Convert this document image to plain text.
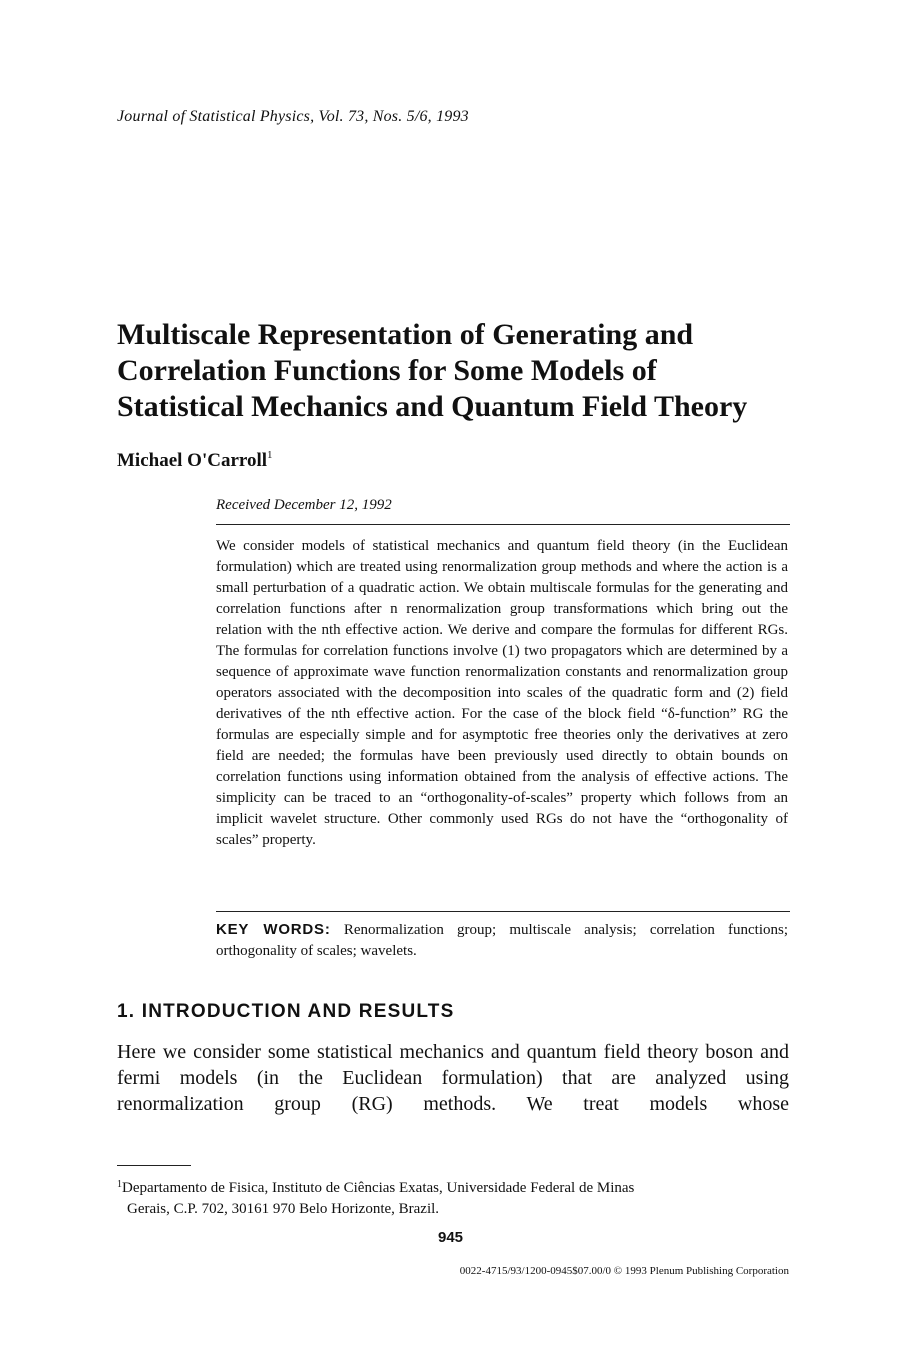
Journal of Statistical Physics, Vol. 73, Nos. 5/6, 1993
Multiscale Representation of Generating and
Correlation Functions for Some Models of
Statistical Mechanics and Quantum Field Theory
Michael O'Carroll$^1$
Received December 12, 1992
We consider models of statistical mechanics and quantum field theory (in the Euclidean formulation) which are treated using renormalization group methods and where the action is a small perturbation of a quadratic action. We obtain multiscale formulas for the generating and correlation functions after n renormalization group transformations which bring out the relation with the nth effective action. We derive and compare the formulas for different RGs. The formulas for correlation functions involve (1) two propagators which are determined by a sequence of approximate wave function renormalization constants and renormalization group operators associated with the decomposition into scales of the quadratic form and (2) field derivatives of the nth effective action. For the case of the block field “δ-function” RG the formulas are especially simple and for asymptotic free theories only the derivatives at zero field are needed; the formulas have been previously used directly to obtain bounds on correlation functions using information obtained from the analysis of effective actions. The simplicity can be traced to an “orthogonality-of-scales” property which follows from an implicit wavelet structure. Other commonly used RGs do not have the “orthogonality of scales” property.
KEY WORDS: Renormalization group; multiscale analysis; correlation functions; orthogonality of scales; wavelets.
1. INTRODUCTION AND RESULTS
Here we consider some statistical mechanics and quantum field theory boson and fermi models (in the Euclidean formulation) that are analyzed using renormalization group (RG) methods. We treat models whose
$^1$Departamento de Fisica, Instituto de Ciências Exatas, Universidade Federal de Minas
Gerais, C.P. 702, 30161 970 Belo Horizonte, Brazil.
945
0022-4715/93/1200-0945$07.00/0 © 1993 Plenum Publishing Corporation
